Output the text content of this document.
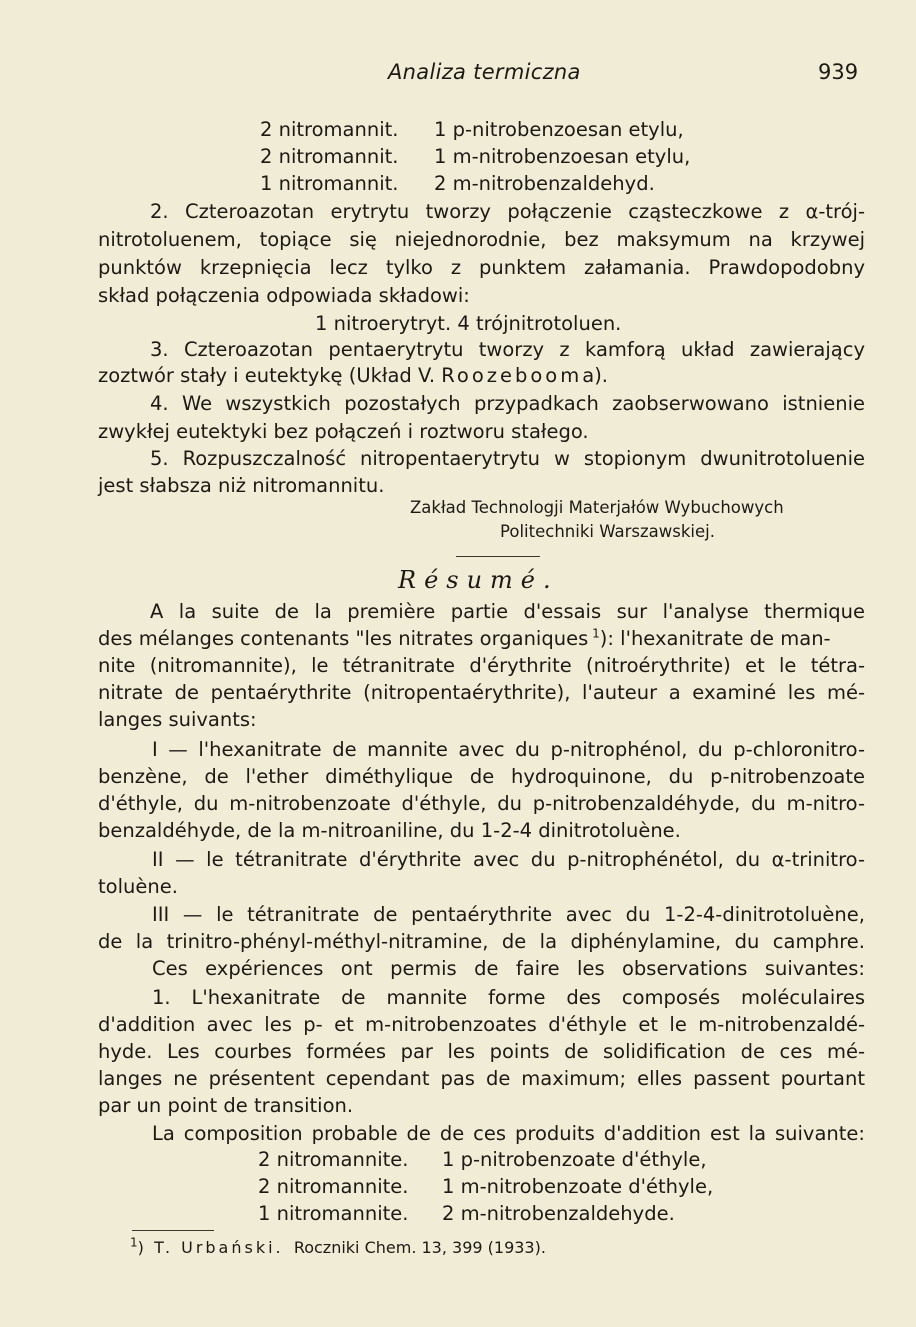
Analiza termiczna	939
2 nitromannit. 1 p-nitrobenzoesan etylu,
2 nitromannit. 1 m-nitrobenzoesan etylu,
1 nitromannit. 2 m-nitrobenzaldehyd.
2. Czteroazotan erytrytu tworzy połączenie cząsteczkowe z α-trój-
nitrotoluenem, topiące się niejednorodnie, bez maksymum na krzywej
punktów krzepnięcia lecz tylko z punktem załamania. Prawdopodobny
skład połączenia odpowiada składowi:
1 nitroerytryt. 4 trójnitrotoluen.
3. Czteroazotan pentaerytrytu tworzy z kamforą układ zawierający
zoztwór stały i eutektykę (Układ V. Roozebooma).
4. We wszystkich pozostałych przypadkach zaobserwowano istnienie
zwykłej eutektyki bez połączeń i roztworu stałego.
5. Rozpuszczalność nitropentaerytrytu w stopionym dwunitrotoluenie
jest słabsza niż nitromannitu.
Zakład Technologji Materjałów Wybuchowych
Politechniki Warszawskiej.
Résumé.
A la suite de la première partie d'essais sur l'analyse thermique
des mélanges contenants "les nitrates organiques  $^1$): l'hexanitrate de man-
nite (nitromannite), le tétranitrate d'érythrite (nitroérythrite) et le tétra-
nitrate de pentaérythrite (nitropentaérythrite), l'auteur a examiné les mé-
langes suivants:
I — l'hexanitrate de mannite avec du p-nitrophénol, du p-chloronitro-
benzène, de l'ether diméthylique de hydroquinone, du p-nitrobenzoate
d'éthyle, du m-nitrobenzoate d'éthyle, du p-nitrobenzaldéhyde, du m-nitro-
benzaldéhyde, de la m-nitroaniline, du 1-2-4 dinitrotoluène.
II — le tétranitrate d'érythrite avec du p-nitrophénétol, du α-trinitro-
toluène.
III — le tétranitrate de pentaérythrite avec du 1-2-4-dinitrotoluène,
de la trinitro-phényl-méthyl-nitramine, de la diphénylamine, du camphre.
Ces expériences ont permis de faire les observations suivantes:
1. L'hexanitrate de mannite forme des composés moléculaires
d'addition avec les p- et m-nitrobenzoates d'éthyle et le m-nitrobenzaldé-
hyde. Les courbes formées par les points de solidification de ces mé-
langes ne présentent cependant pas de maximum; elles passent pourtant
par un point de transition.
La composition probable de de ces produits d'addition est la suivante:
2 nitromannite. 1 p-nitrobenzoate d'éthyle,
2 nitromannite. 1 m-nitrobenzoate d'éthyle,
1 nitromannite. 2 m-nitrobenzaldehyde.
$^1$) T. Urbański. Roczniki Chem. 13, 399 (1933).
